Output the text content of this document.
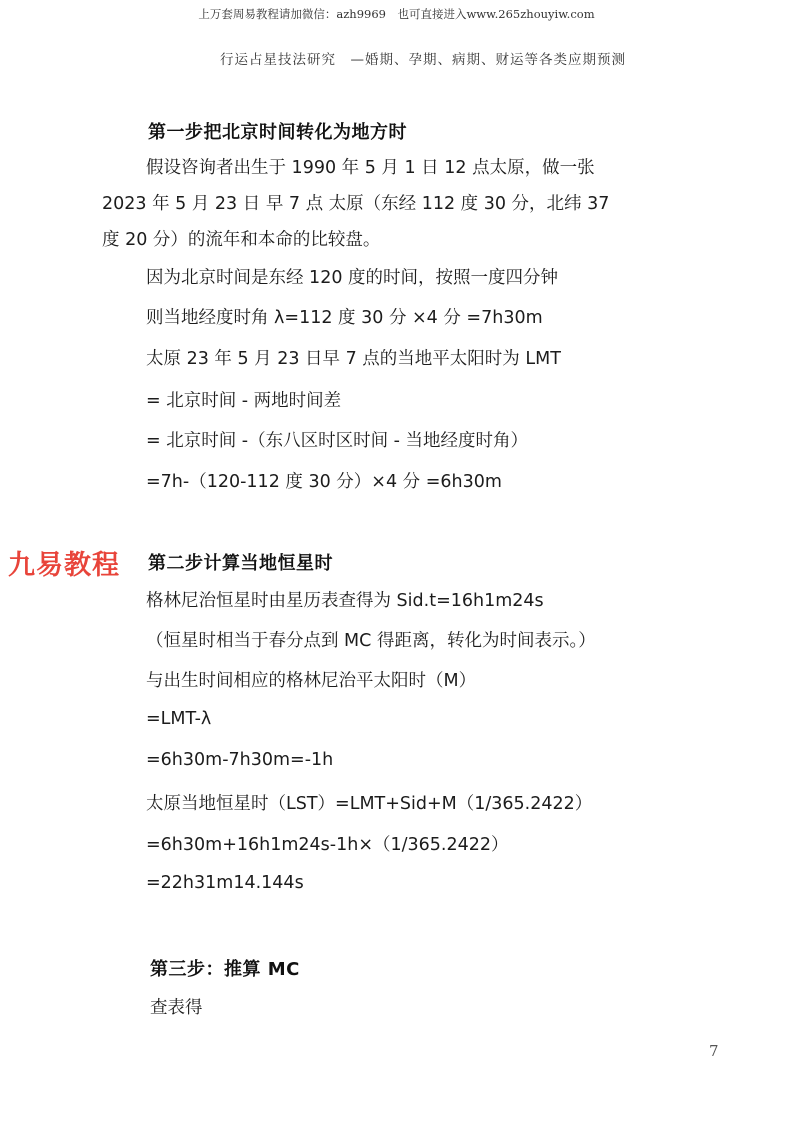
上万套周易教程请加微信：azh9969　也可直接进入www.265zhouyiw.com
行运占星技法研究　—婚期、孕期、病期、财运等各类应期预测
第一步把北京时间转化为地方时
假设咨询者出生于 1990 年 5 月 1 日 12 点太原，做一张
2023 年 5 月 23 日 早 7 点 太原（东经 112 度 30 分，北纬 37
度 20 分）的流年和本命的比较盘。
因为北京时间是东经 120 度的时间，按照一度四分钟
则当地经度时角 λ=112 度 30 分 ×4 分 =7h30m
太原 23 年 5 月 23 日早 7 点的当地平太阳时为 LMT
= 北京时间 - 两地时间差
= 北京时间 -（东八区时区时间 - 当地经度时角）
=7h-（120-112 度 30 分）×4 分 =6h30m
九易教程 第二步计算当地恒星时
格林尼治恒星时由星历表查得为 Sid.t=16h1m24s
（恒星时相当于春分点到 MC 得距离，转化为时间表示。）
与出生时间相应的格林尼治平太阳时（M）
=LMT-λ
=6h30m-7h30m=-1h
太原当地恒星时（LST）=LMT+Sid+M（1/365.2422）
=6h30m+16h1m24s-1h×（1/365.2422）
=22h31m14.144s
第三步：推算 MC
查表得
7
